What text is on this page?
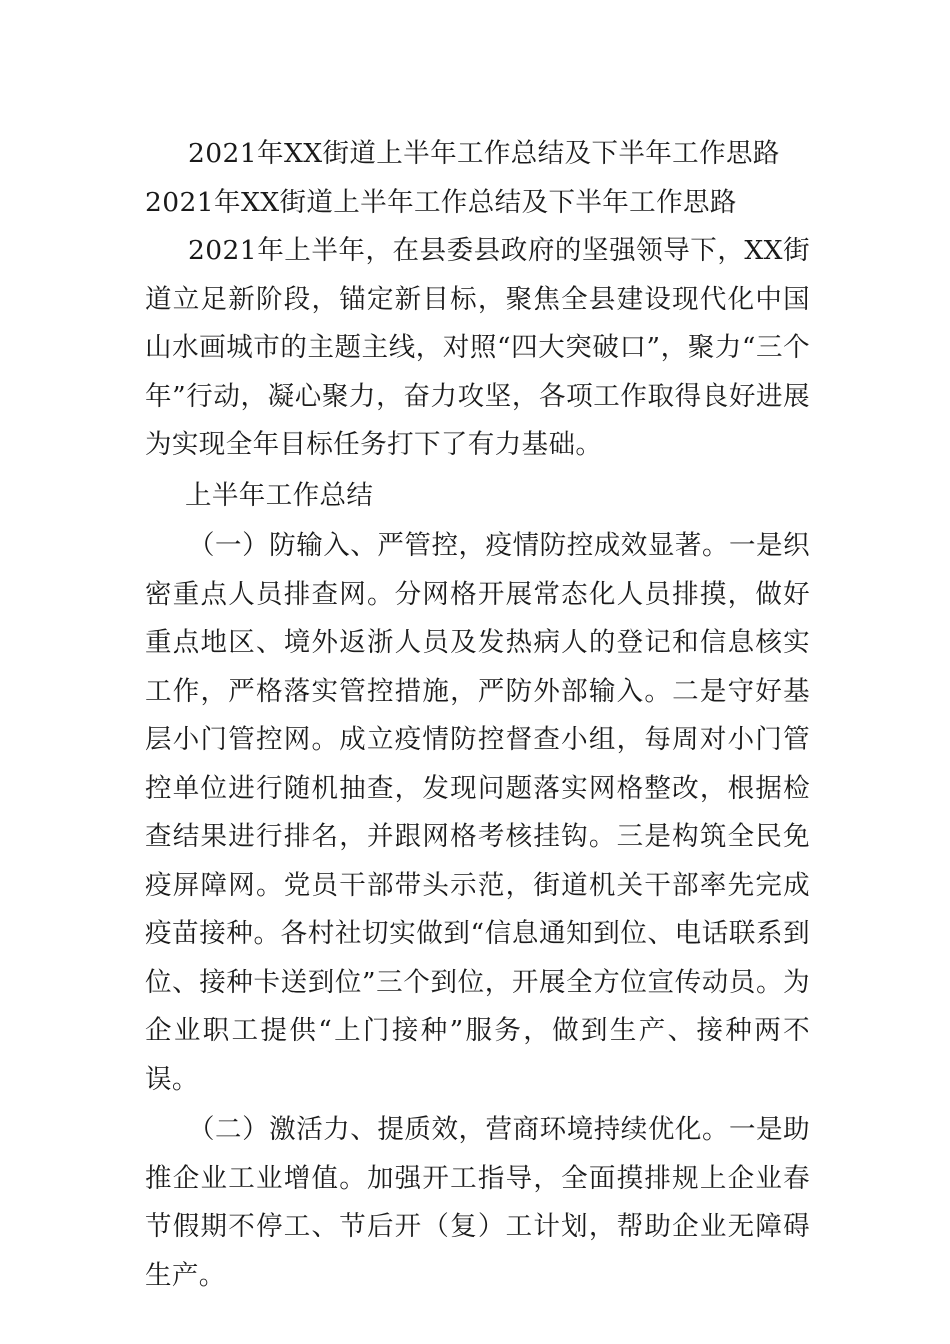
2021年XX街道上半年工作总结及下半年工作思路

2021年XX街道上半年工作总结及下半年工作思路

2021年上半年，在县委县政府的坚强领导下，XX街道立足新阶段，锚定新目标，聚焦全县建设现代化中国山水画城市的主题主线，对照“四大突破口”，聚力“三个年”行动，凝心聚力，奋力攻坚，各项工作取得良好进展为实现全年目标任务打下了有力基础。

上半年工作总结

（一）防输入、严管控，疫情防控成效显著。一是织密重点人员排查网。分网格开展常态化人员排摸，做好重点地区、境外返浙人员及发热病人的登记和信息核实工作，严格落实管控措施，严防外部输入。二是守好基层小门管控网。成立疫情防控督查小组，每周对小门管控单位进行随机抽查，发现问题落实网格整改，根据检查结果进行排名，并跟网格考核挂钩。三是构筑全民免疫屏障网。党员干部带头示范，街道机关干部率先完成疫苗接种。各村社切实做到“信息通知到位、电话联系到位、接种卡送到位”三个到位，开展全方位宣传动员。为企业职工提供“上门接种”服务，做到生产、接种两不误。

（二）激活力、提质效，营商环境持续优化。一是助推企业工业增值。加强开工指导，全面摸排规上企业春节假期不停工、节后开（复）工计划，帮助企业无障碍生产。
